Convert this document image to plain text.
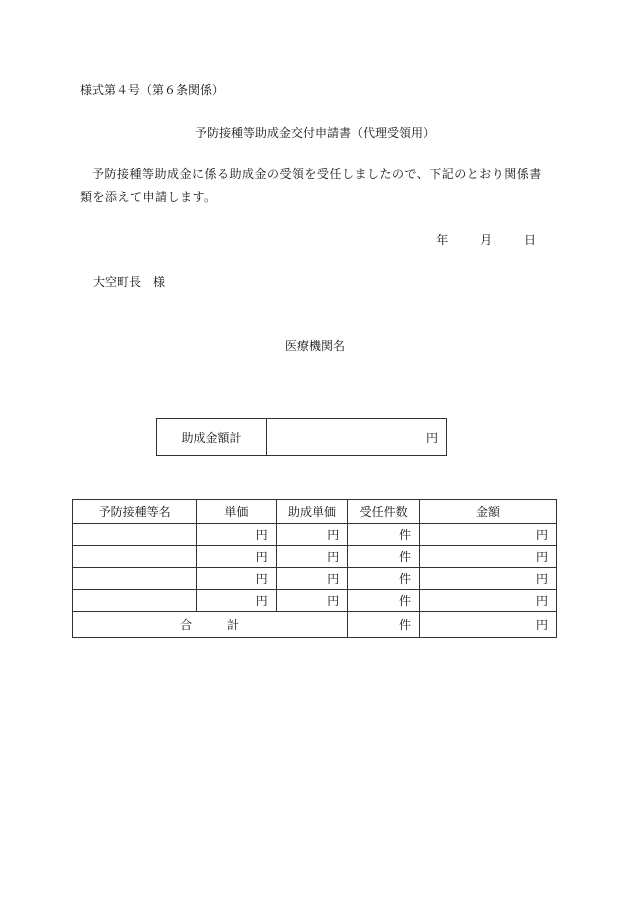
様式第４号（第６条関係）
予防接種等助成金交付申請書（代理受領用）
予防接種等助成金に係る助成金の受領を受任しましたので、下記のとおり関係書類を添えて申請します。
年	月	日
大空町長 様
医療機関名
助成金額計	円
予防接種等名	単価	助成単価	受任件数	金額
	円	円	件	円
	円	円	件	円
	円	円	件	円
	円	円	件	円
合 計			件	円
